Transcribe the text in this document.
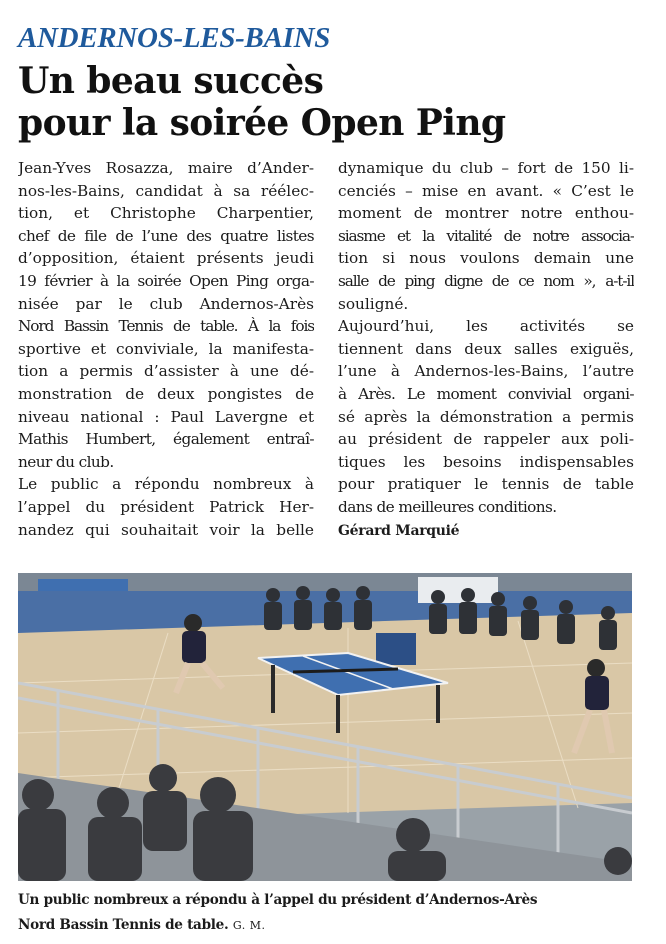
ANDERNOS-LES-BAINS
Un beau succès
pour la soirée Open Ping

Jean-Yves Rosazza, maire d’Ander-
nos-les-Bains, candidat à sa réélec-
tion, et Christophe Charpentier,
chef de file de l’une des quatre listes
d’opposition, étaient présents jeudi
19 février à la soirée Open Ping orga-
nisée par le club Andernos-Arès
Nord Bassin Tennis de table. À la fois
sportive et conviviale, la manifesta-
tion a permis d’assister à une dé-
monstration de deux pongistes de
niveau national : Paul Lavergne et
Mathis Humbert, également entraî-
neur du club.

Le public a répondu nombreux à
l’appel du président Patrick Her-
nandez qui souhaitait voir la belle

dynamique du club – fort de 150 li-
cenciés – mise en avant. « C’est le
moment de montrer notre enthou-
siasme et la vitalité de notre associa-
tion si nous voulons demain une
salle de ping digne de ce nom », a-t-il
souligné.

Aujourd’hui, les activités se
tiennent dans deux salles exiguës,
l’une à Andernos-les-Bains, l’autre
à Arès. Le moment convivial organi-
sé après la démonstration a permis
au président de rappeler aux poli-
tiques les besoins indispensables
pour pratiquer le tennis de table
dans de meilleures conditions.

Gérard Marquié
Un public nombreux a répondu à l’appel du président d’Andernos-Arès
Nord Bassin Tennis de table. G. M.
